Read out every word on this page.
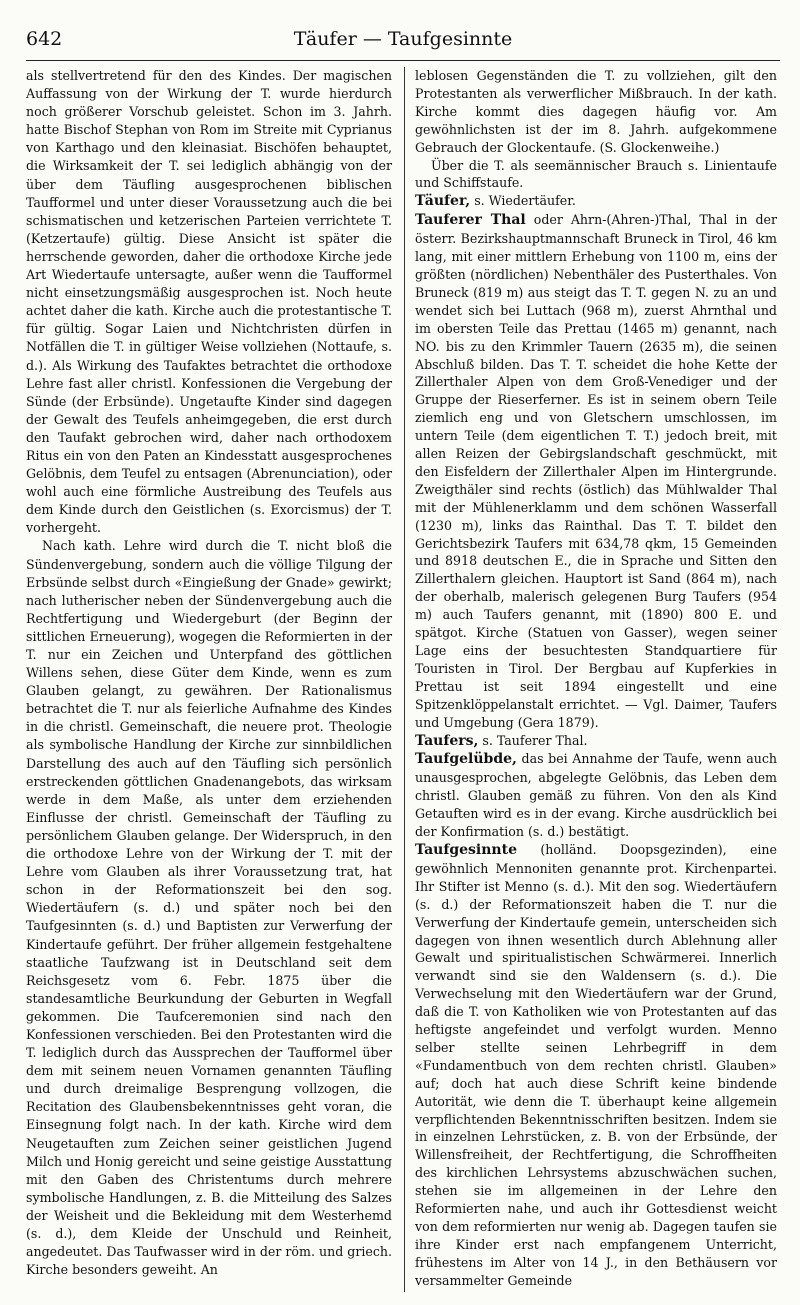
642	Täufer — Taufgesinnte

als stellvertretend für den des Kindes. Der magischen Auffassung von der Wirkung der T. wurde hierdurch noch größerer Vorschub geleistet. Schon im 3. Jahrh. hatte Bischof Stephan von Rom im Streite mit Cyprianus von Karthago und den kleinasiat. Bischöfen behauptet, die Wirksamkeit der T. sei lediglich abhängig von der über dem Täufling ausgesprochenen biblischen Taufformel und unter dieser Voraussetzung auch die bei schismatischen und ketzerischen Parteien verrichtete T. (Ketzertaufe) gültig. Diese Ansicht ist später die herrschende geworden, daher die orthodoxe Kirche jede Art Wiedertaufe untersagte, außer wenn die Taufformel nicht einsetzungsmäßig ausgesprochen ist. Noch heute achtet daher die kath. Kirche auch die protestantische T. für gültig. Sogar Laien und Nichtchristen dürfen in Notfällen die T. in gültiger Weise vollziehen (Nottaufe, s. d.). Als Wirkung des Taufaktes betrachtet die orthodoxe Lehre fast aller christl. Konfessionen die Vergebung der Sünde (der Erbsünde). Ungetaufte Kinder sind dagegen der Gewalt des Teufels anheimgegeben, die erst durch den Taufakt gebrochen wird, daher nach orthodoxem Ritus ein von den Paten an Kindesstatt ausgesprochenes Gelöbnis, dem Teufel zu entsagen (Abrenunciation), oder wohl auch eine förmliche Austreibung des Teufels aus dem Kinde durch den Geistlichen (s. Exorcismus) der T. vorhergeht.

Nach kath. Lehre wird durch die T. nicht bloß die Sündenvergebung, sondern auch die völlige Tilgung der Erbsünde selbst durch «Eingießung der Gnade» gewirkt; nach lutherischer neben der Sündenvergebung auch die Rechtfertigung und Wiedergeburt (der Beginn der sittlichen Erneuerung), wogegen die Reformierten in der T. nur ein Zeichen und Unterpfand des göttlichen Willens sehen, diese Güter dem Kinde, wenn es zum Glauben gelangt, zu gewähren. Der Rationalismus betrachtet die T. nur als feierliche Aufnahme des Kindes in die christl. Gemeinschaft, die neuere prot. Theologie als symbolische Handlung der Kirche zur sinnbildlichen Darstellung des auch auf den Täufling sich persönlich erstreckenden göttlichen Gnadenangebots, das wirksam werde in dem Maße, als unter dem erziehenden Einflusse der christl. Gemeinschaft der Täufling zu persönlichem Glauben gelange. Der Widerspruch, in den die orthodoxe Lehre von der Wirkung der T. mit der Lehre vom Glauben als ihrer Voraussetzung trat, hat schon in der Reformationszeit bei den sog. Wiedertäufern (s. d.) und später noch bei den Taufgesinnten (s. d.) und Baptisten zur Verwerfung der Kindertaufe geführt. Der früher allgemein festgehaltene staatliche Taufzwang ist in Deutschland seit dem Reichsgesetz vom 6. Febr. 1875 über die standesamtliche Beurkundung der Geburten in Wegfall gekommen. Die Taufceremonien sind nach den Konfessionen verschieden. Bei den Protestanten wird die T. lediglich durch das Aussprechen der Taufformel über dem mit seinem neuen Vornamen genannten Täufling und durch dreimalige Besprengung vollzogen, die Recitation des Glaubensbekenntnisses geht voran, die Einsegnung folgt nach. In der kath. Kirche wird dem Neugetauften zum Zeichen seiner geistlichen Jugend Milch und Honig gereicht und seine geistige Ausstattung mit den Gaben des Christentums durch mehrere symbolische Handlungen, z. B. die Mitteilung des Salzes der Weisheit und die Bekleidung mit dem Westerhemd (s. d.), dem Kleide der Unschuld und Reinheit, angedeutet. Das Taufwasser wird in der röm. und griech. Kirche besonders geweiht. An

leblosen Gegenständen die T. zu vollziehen, gilt den Protestanten als verwerflicher Mißbrauch. In der kath. Kirche kommt dies dagegen häufig vor. Am gewöhnlichsten ist der im 8. Jahrh. aufgekommene Gebrauch der Glockentaufe. (S. Glockenweihe.)

Über die T. als seemännischer Brauch s. Linientaufe und Schiffstaufe.

Täufer, s. Wiedertäufer.

Tauferer Thal oder Ahrn-(Ahren-)Thal, Thal in der österr. Bezirkshauptmannschaft Bruneck in Tirol, 46 km lang, mit einer mittlern Erhebung von 1100 m, eins der größten (nördlichen) Nebenthäler des Pusterthales. Von Bruneck (819 m) aus steigt das T. T. gegen N. zu an und wendet sich bei Luttach (968 m), zuerst Ahrnthal und im obersten Teile das Prettau (1465 m) genannt, nach NO. bis zu den Krimmler Tauern (2635 m), die seinen Abschluß bilden. Das T. T. scheidet die hohe Kette der Zillerthaler Alpen von dem Groß-Venediger und der Gruppe der Rieserferner. Es ist in seinem obern Teile ziemlich eng und von Gletschern umschlossen, im untern Teile (dem eigentlichen T. T.) jedoch breit, mit allen Reizen der Gebirgslandschaft geschmückt, mit den Eisfeldern der Zillerthaler Alpen im Hintergrunde. Zweigthäler sind rechts (östlich) das Mühlwalder Thal mit der Mühlenerklamm und dem schönen Wasserfall (1230 m), links das Rainthal. Das T. T. bildet den Gerichtsbezirk Taufers mit 634,78 qkm, 15 Gemeinden und 8918 deutschen E., die in Sprache und Sitten den Zillerthalern gleichen. Hauptort ist Sand (864 m), nach der oberhalb, malerisch gelegenen Burg Taufers (954 m) auch Taufers genannt, mit (1890) 800 E. und spätgot. Kirche (Statuen von Gasser), wegen seiner Lage eins der besuchtesten Standquartiere für Touristen in Tirol. Der Bergbau auf Kupferkies in Prettau ist seit 1894 eingestellt und eine Spitzenklöppelanstalt errichtet. — Vgl. Daimer, Taufers und Umgebung (Gera 1879).

Taufers, s. Tauferer Thal.

Taufgelübde, das bei Annahme der Taufe, wenn auch unausgesprochen, abgelegte Gelöbnis, das Leben dem christl. Glauben gemäß zu führen. Von den als Kind Getauften wird es in der evang. Kirche ausdrücklich bei der Konfirmation (s. d.) bestätigt.

Taufgesinnte (holländ. Doopsgezinden), eine gewöhnlich Mennoniten genannte prot. Kirchenpartei. Ihr Stifter ist Menno (s. d.). Mit den sog. Wiedertäufern (s. d.) der Reformationszeit haben die T. nur die Verwerfung der Kindertaufe gemein, unterscheiden sich dagegen von ihnen wesentlich durch Ablehnung aller Gewalt und spiritualistischen Schwärmerei. Innerlich verwandt sind sie den Waldensern (s. d.). Die Verwechselung mit den Wiedertäufern war der Grund, daß die T. von Katholiken wie von Protestanten auf das heftigste angefeindet und verfolgt wurden. Menno selber stellte seinen Lehrbegriff in dem «Fundamentbuch von dem rechten christl. Glauben» auf; doch hat auch diese Schrift keine bindende Autorität, wie denn die T. überhaupt keine allgemein verpflichtenden Bekenntnisschriften besitzen. Indem sie in einzelnen Lehrstücken, z. B. von der Erbsünde, der Willensfreiheit, der Rechtfertigung, die Schroffheiten des kirchlichen Lehrsystems abzuschwächen suchen, stehen sie im allgemeinen in der Lehre den Reformierten nahe, und auch ihr Gottesdienst weicht von dem reformierten nur wenig ab. Dagegen taufen sie ihre Kinder erst nach empfangenem Unterricht, frühestens im Alter von 14 J., in den Bethäusern vor versammelter Gemeinde
